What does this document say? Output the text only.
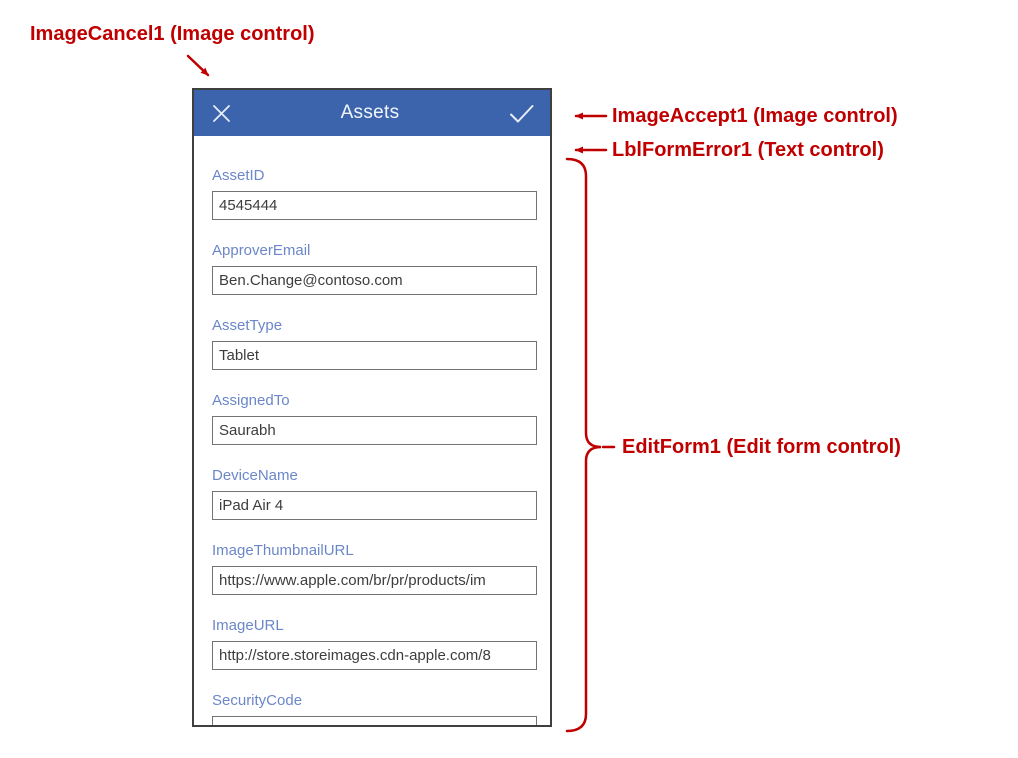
ImageCancel1 (Image control)
ImageAccept1 (Image control)
LblFormError1 (Text control)
EditForm1 (Edit form control)
Assets
AssetID
4545444
ApproverEmail
Ben.Change@contoso.com
AssetType
Tablet
AssignedTo
Saurabh
DeviceName
iPad Air 4
ImageThumbnailURL
https://www.apple.com/br/pr/products/im
ImageURL
http://store.storeimages.cdn-apple.com/8
SecurityCode
